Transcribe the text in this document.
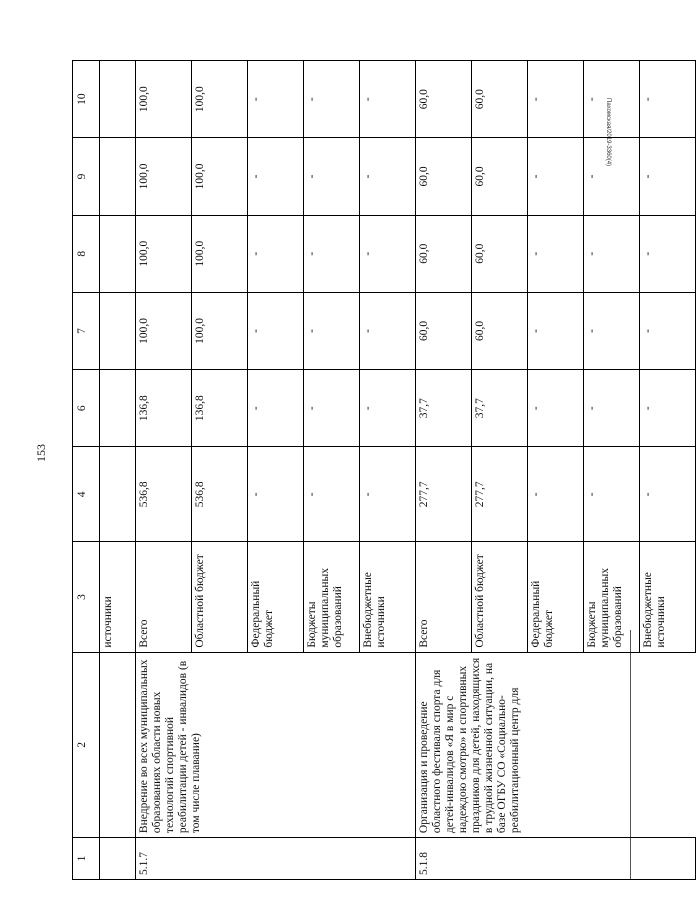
153
Пахомская/2019-3360(4)
1	2	3	4	6	7	8	9	10
		источники						
5.1.7	Внедрение во всех муниципальных образованиях области новых технологий спортивной реабилитации детей - инвалидов (в том числе плавание)	Всего	536,8	136,8	100,0	100,0	100,0	100,0
		Областной бюджет	536,8	136,8	100,0	100,0	100,0	100,0
		Федеральный бюджет	-	-	-	-	-	-
		Бюджеты муниципальных образований	-	-	-	-	-	-
		Внебюджетные источники	-	-	-	-	-	-
5.1.8	Организация и проведение областного фестиваля спорта для детей-инвалидов «Я в мир с надеждою смотрю» и спортивных праздников для детей, находящихся в трудной жизненной ситуации, на базе ОГБУ СО «Социально-реабилитационный центр для	Всего	277,7	37,7	60,0	60,0	60,0	60,0
		Областной бюджет	277,7	37,7	60,0	60,0	60,0	60,0
		Федеральный бюджет	-	-	-	-	-	-
		Бюджеты муниципальных образований	-	-	-	-	-	-
		Внебюджетные источники	-	-	-	-	-	-
